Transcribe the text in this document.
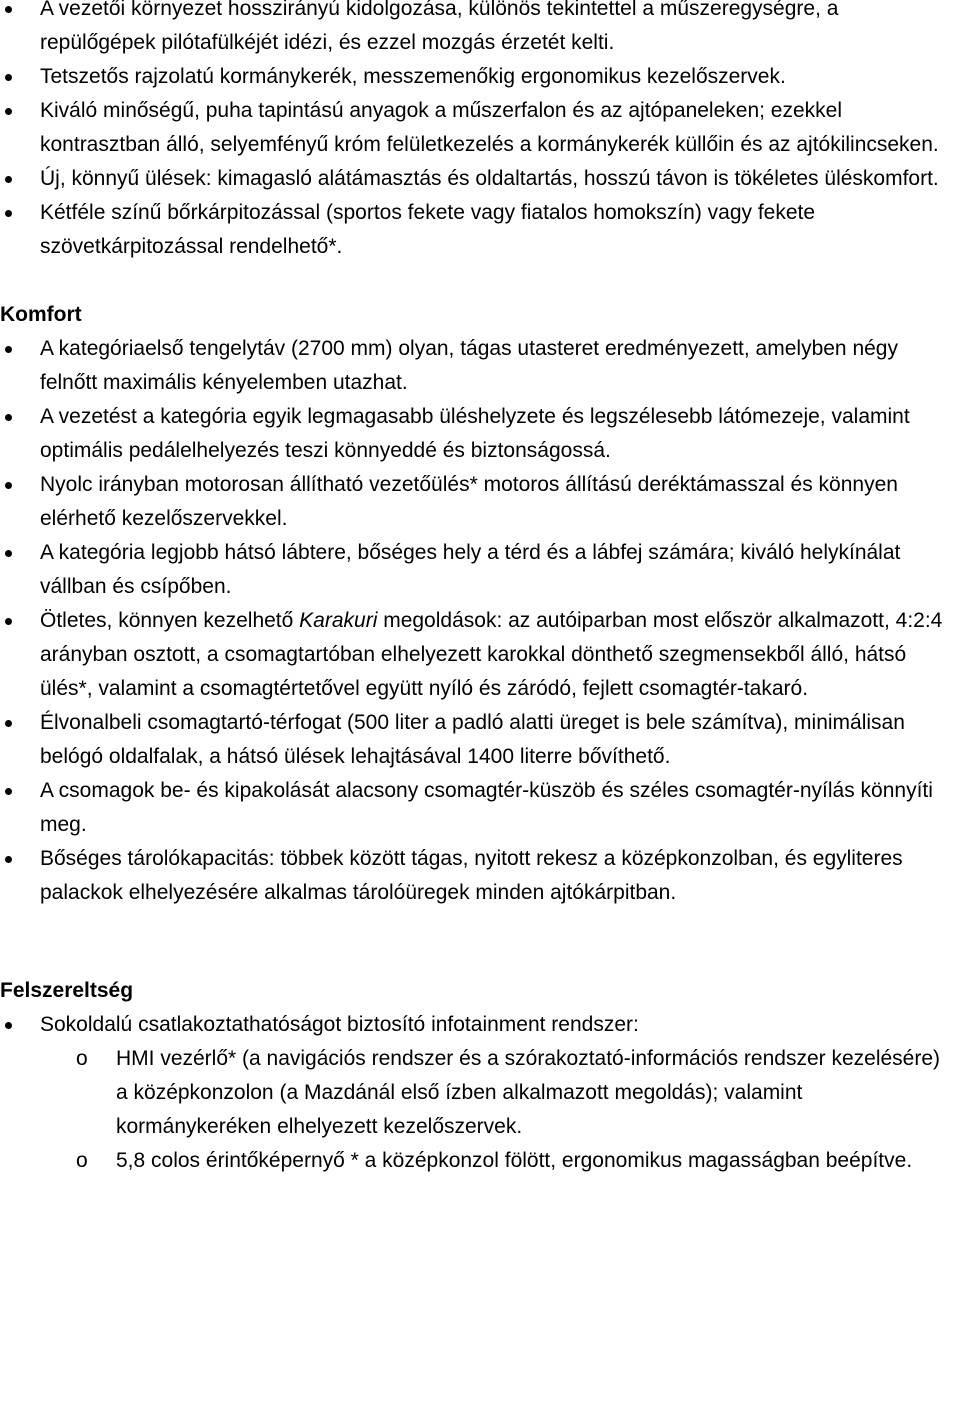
A vezetői környezet hosszirányú kidolgozása, különös tekintettel a műszeregységre, a repülőgépek pilótafülkéjét idézi, és ezzel mozgás érzetét kelti.
Tetszetős rajzolatú kormánykerék, messzemenőkig ergonomikus kezelőszervek.
Kiváló minőségű, puha tapintású anyagok a műszerfalon és az ajtópaneleken; ezekkel kontrasztban álló, selyemfényű króm felületkezelés a kormánykerék küllőin és az ajtókilincseken.
Új, könnyű ülések: kimagasló alátámasztás és oldaltartás, hosszú távon is tökéletes üléskomfort.
Kétféle színű bőrkárpitozással (sportos fekete vagy fiatalos homokszín) vagy fekete szövetkárpitozással rendelhető*.
Komfort
A kategóriaelső tengelytáv (2700 mm) olyan, tágas utasteret eredményezett, amelyben négy felnőtt maximális kényelemben utazhat.
A vezetést a kategória egyik legmagasabb üléshelyzete és legszélesebb látómezeje, valamint optimális pedálelhelyezés teszi könnyeddé és biztonságossá.
Nyolc irányban motorosan állítható vezetőülés* motoros állítású deréktámasszal és könnyen elérhető kezelőszervekkel.
A kategória legjobb hátsó lábtere, bőséges hely a térd és a lábfej számára; kiváló helykínálat vállban és csípőben.
Ötletes, könnyen kezelhető Karakuri megoldások: az autóiparban most először alkalmazott, 4:2:4 arányban osztott, a csomagtartóban elhelyezett karokkal dönthető szegmensekből álló, hátsó ülés*, valamint a csomagtértetővel együtt nyíló és záródó, fejlett csomagtér-takaró.
Élvonalbeli csomagtartó-térfogat (500 liter a padló alatti üreget is bele számítva), minimálisan belógó oldalfalak, a hátsó ülések lehajtásával 1400 literre bővíthető.
A csomagok be- és kipakolását alacsony csomagtér-küszöb és széles csomagtér-nyílás könnyíti meg.
Bőséges tárolókapacitás: többek között tágas, nyitott rekesz a középkonzolban, és egyliteres palackok elhelyezésére alkalmas tárolóüregek minden ajtókárpitban.
Felszereltség
Sokoldalú csatlakoztathatóságot biztosító infotainment rendszer:
o HMI vezérlő* (a navigációs rendszer és a szórakoztató-információs rendszer kezelésére) a középkonzolon (a Mazdánál első ízben alkalmazott megoldás); valamint kormánykeréken elhelyezett kezelőszervek.
o 5,8 colos érintőképernyő * a középkonzol fölött, ergonomikus magasságban beépítve.
